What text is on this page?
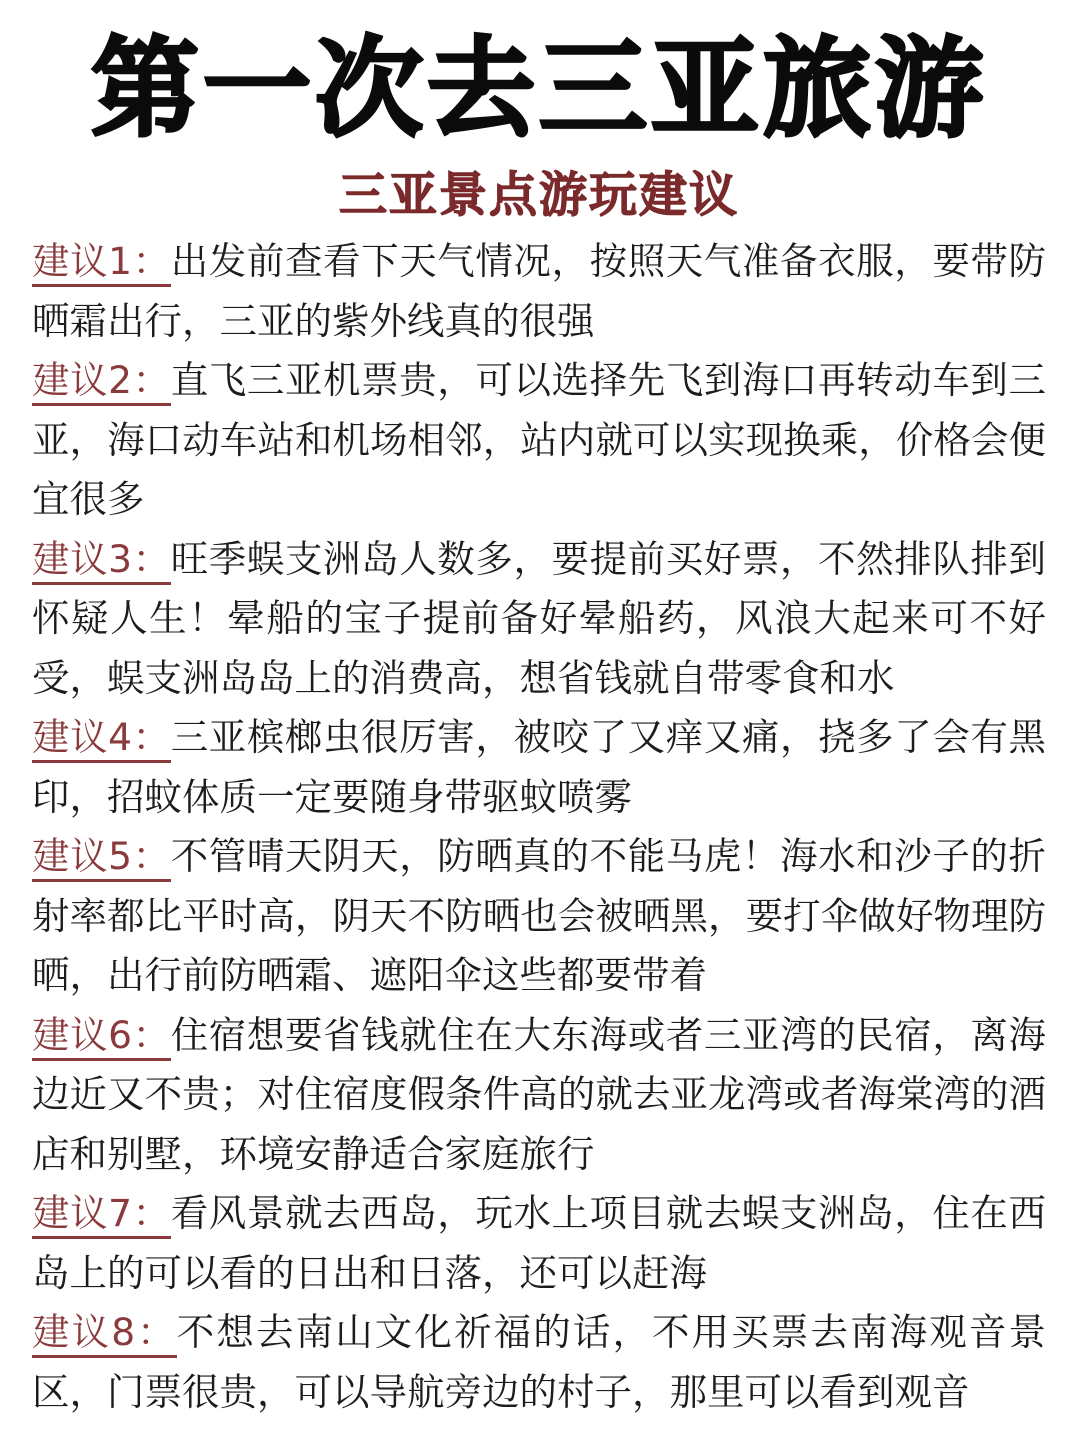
第一次去三亚旅游
三亚景点游玩建议

建议1：出发前查看下天气情况，按照天气准备衣服，要带防晒霜出行，三亚的紫外线真的很强

建议2：直飞三亚机票贵，可以选择先飞到海口再转动车到三亚，海口动车站和机场相邻，站内就可以实现换乘，价格会便宜很多

建议3：旺季蜈支洲岛人数多，要提前买好票，不然排队排到怀疑人生！晕船的宝子提前备好晕船药，风浪大起来可不好受，蜈支洲岛岛上的消费高，想省钱就自带零食和水

建议4：三亚槟榔虫很厉害，被咬了又痒又痛，挠多了会有黑印，招蚊体质一定要随身带驱蚊喷雾

建议5：不管晴天阴天，防晒真的不能马虎！海水和沙子的折射率都比平时高，阴天不防晒也会被晒黑，要打伞做好物理防晒，出行前防晒霜、遮阳伞这些都要带着

建议6：住宿想要省钱就住在大东海或者三亚湾的民宿，离海边近又不贵；对住宿度假条件高的就去亚龙湾或者海棠湾的酒店和别墅，环境安静适合家庭旅行

建议7：看风景就去西岛，玩水上项目就去蜈支洲岛，住在西岛上的可以看的日出和日落，还可以赶海

建议8：不想去南山文化祈福的话，不用买票去南海观音景区，门票很贵，可以导航旁边的村子，那里可以看到观音
